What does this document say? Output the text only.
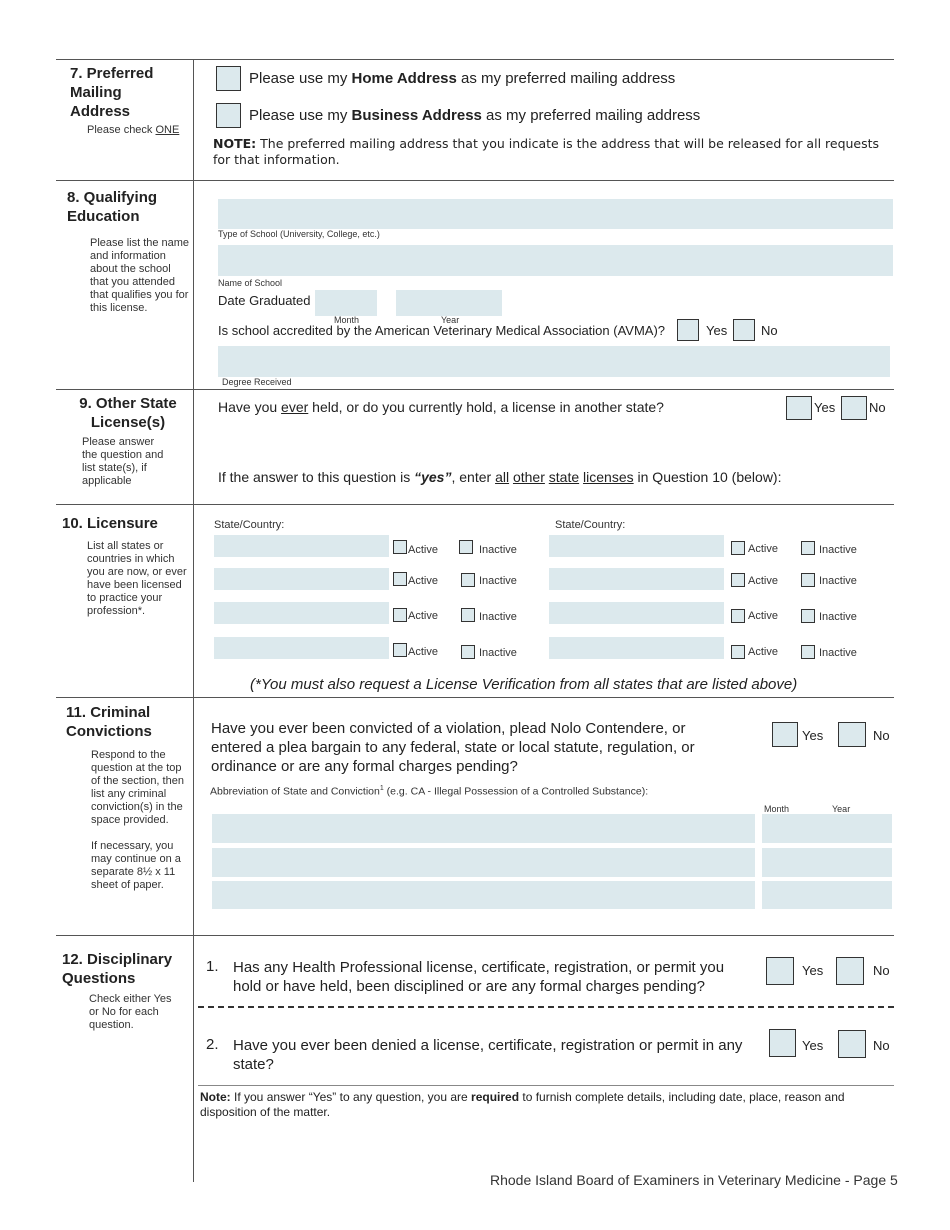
7. Preferred Mailing Address
Please check ONE
Please use my Home Address as my preferred mailing address
Please use my Business Address as my preferred mailing address
NOTE: The preferred mailing address that you indicate is the address that will be released for all requests for that information.
8. Qualifying Education
Please list the name and information about the school that you attended that qualifies you for this license.
Type of School (University, College, etc.)
Name of School
Date Graduated
Month	Year
Is school accredited by the American Veterinary Medical Association (AVMA)?	Yes	No
Degree Received
9. Other State License(s)
Please answer the question and list state(s), if applicable
Have you ever held, or do you currently hold, a license in another state?	Yes	No
If the answer to this question is “yes”, enter all other state licenses in Question 10 (below):
10. Licensure
List all states or countries in which you are now, or ever have been licensed to practice your profession*.
State/Country:	State/Country:
Active	Inactive	Active	Inactive
Active	Inactive	Active	Inactive
Active	Inactive	Active	Inactive
Active	Inactive	Active	Inactive
(*You must also request a License Verification from all states that are listed above)
11. Criminal Convictions
Respond to the question at the top of the section, then list any criminal conviction(s) in the space provided.
If necessary, you may continue on a separate 8½ x 11 sheet of paper.
Have you ever been convicted of a violation, plead Nolo Contendere, or entered a plea bargain to any federal, state or local statute, regulation, or ordinance or are any formal charges pending?
Yes	No
Abbreviation of State and Conviction$^1$ (e.g. CA - Illegal Possession of a Controlled Substance):
Month	Year
12. Disciplinary Questions
Check either Yes or No for each question.
1. Has any Health Professional license, certificate, registration, or permit you hold or have held, been disciplined or are any formal charges pending?
Yes	No
2. Have you ever been denied a license, certificate, registration or permit in any state?
Yes	No
Note: If you answer “Yes” to any question, you are required to furnish complete details, including date, place, reason and disposition of the matter.
Rhode Island Board of Examiners in Veterinary Medicine - Page 5
